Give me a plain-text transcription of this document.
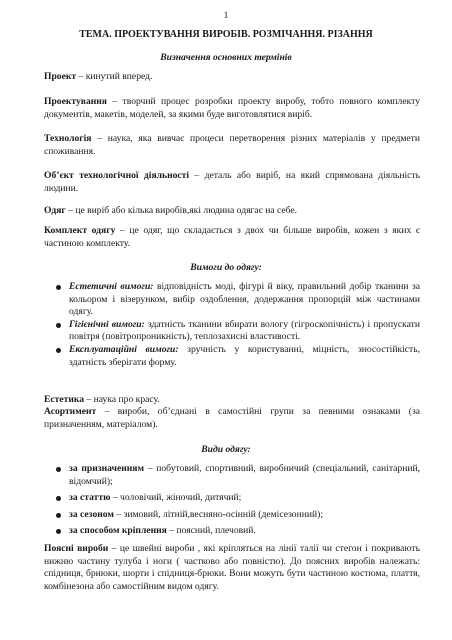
1
ТЕМА. ПРОЕКТУВАННЯ ВИРОБІВ. РОЗМІЧАННЯ. РІЗАННЯ
Визначення основних термінів
Проект – кинутий вперед.
Проектування – творчий процес розробки проекту виробу, тобто повного комплекту документів, макетів, моделей, за якими буде виготовлятися виріб.
Технологія – наука, яка вивчає процеси перетворення різних матеріалів у предмети споживання.
Об’єкт технологічної діяльності – деталь або виріб, на який спрямована діяльність людини.
Одяг – це виріб або кілька виробів,які людина одягає на себе.
Комплект одягу – це одяг, що складається з двох чи більше виробів, кожен з яких є частиною комплекту.
Вимоги до одягу:
Естетичні вимоги: відповідність моді, фігурі й віку, правильний добір тканини за кольором і візерунком, вибір оздоблення, додержання пропорцій між частинами одягу.
Гігієнічні вимоги: здатність тканини вбирати вологу (гігроскопічність) і пропускати повітря (повітропроникність), теплозахисні властивості.
Експлуатаційні вимоги: зручність у користуванні, міцність, зносостійкість, здатність зберігати форму.
Естетика – наука про красу.
Асортимент – вироби, об’єднані в самостійні групи за певними ознаками (за призначенням, матеріалом).
Види одягу:
за призначенням – побутовий, спортивний, виробничий (спеціальний, санітарний, відомчий);
за статтю – чоловічий, жіночий, дитячий;
за сезоном – зимовий, літній,весняно-осінній (демісезонний);
за способом кріплення – поясний, плечовий.
Поясні вироби – це швейні вироби , які кріпляться на лінії талії чи стегон і покривають нижню частину тулуба і ноги ( частково або повністю). До поясних виробів належать: спідниця, бриюки, шорти і спідниця-брюки. Вони можуть бути частиною костюма, плаття, комбінезона або самостійним видом одягу.
